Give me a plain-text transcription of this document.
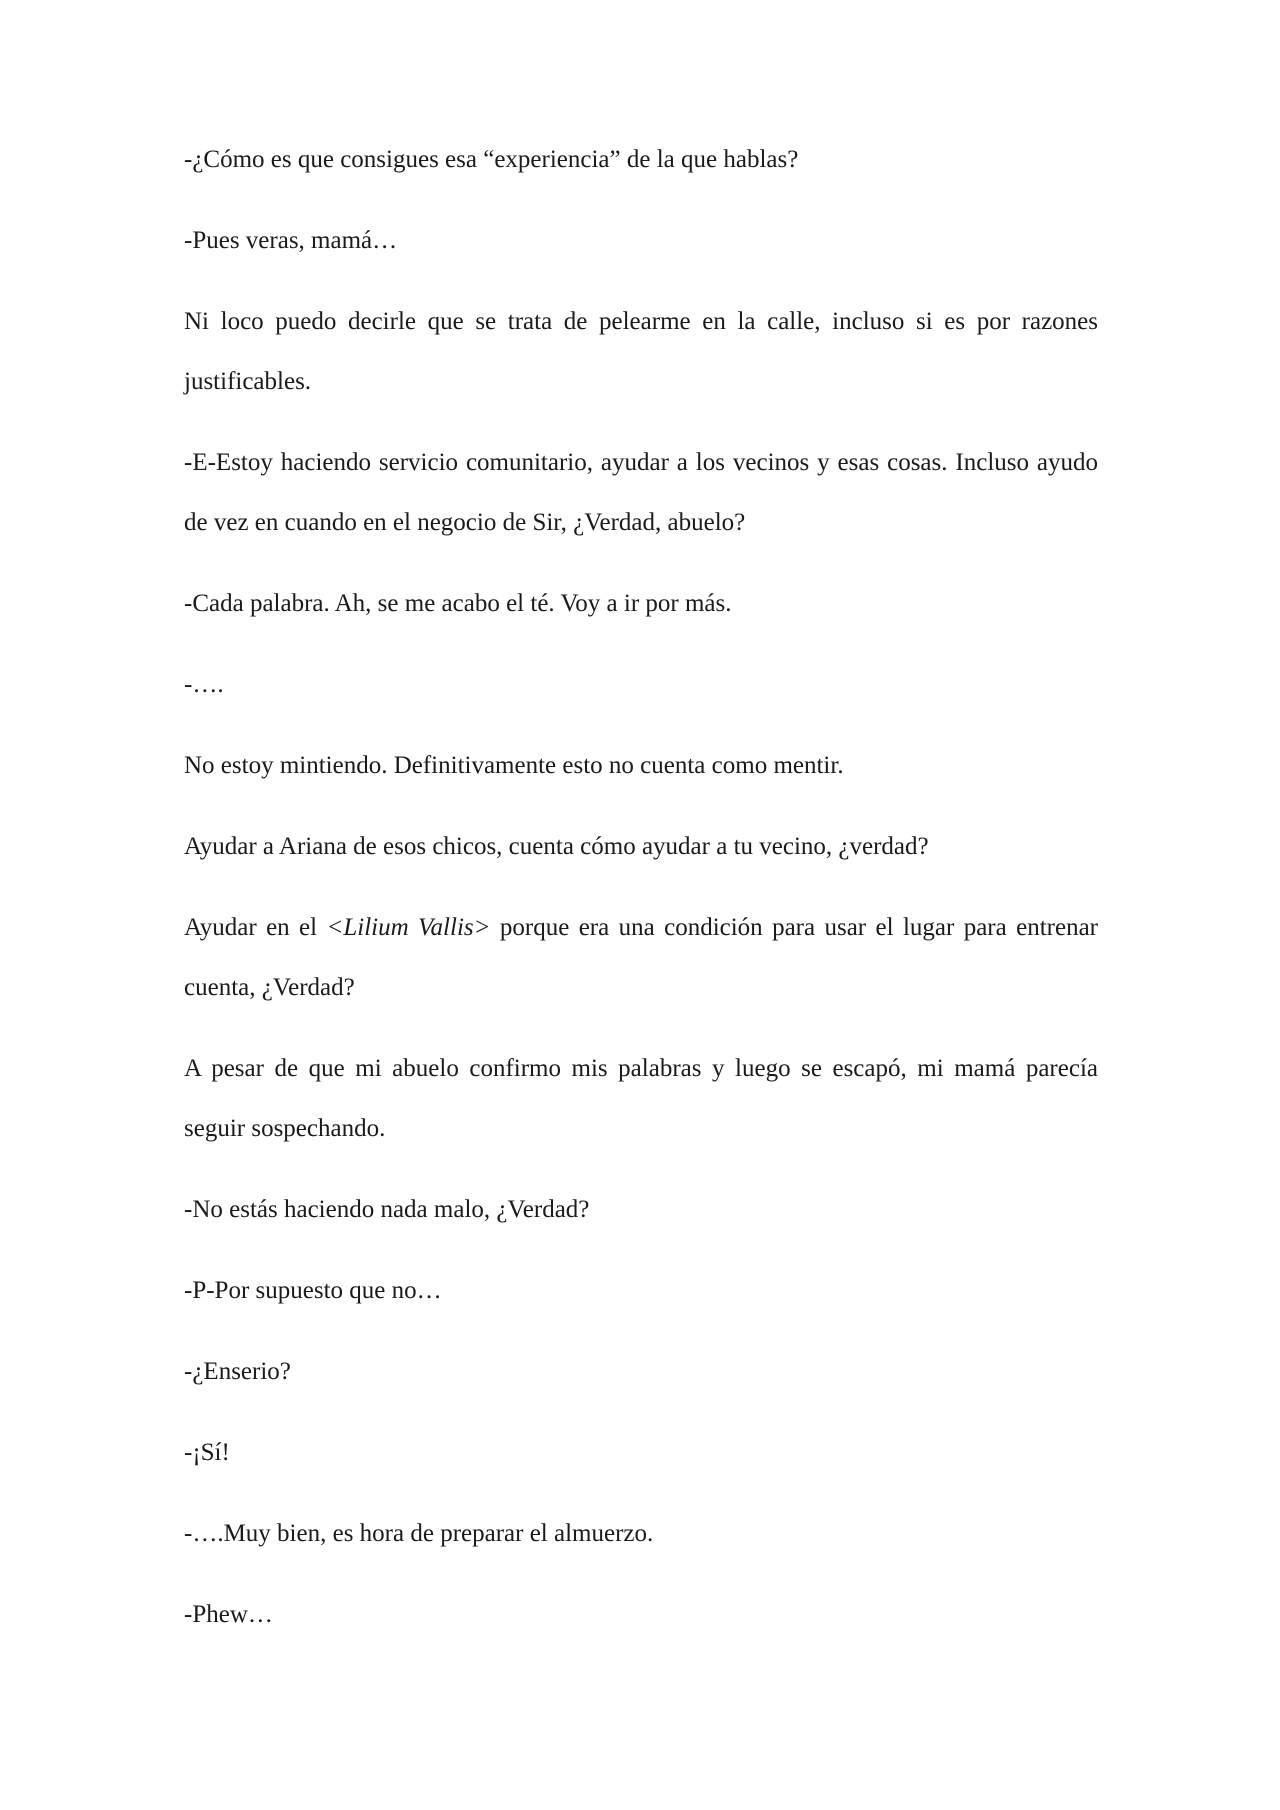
-¿Cómo es que consigues esa “experiencia” de la que hablas?

-Pues veras, mamá…

Ni loco puedo decirle que se trata de pelearme en la calle, incluso si es por razones justificables.

-E-Estoy haciendo servicio comunitario, ayudar a los vecinos y esas cosas. Incluso ayudo de vez en cuando en el negocio de Sir, ¿Verdad, abuelo?

-Cada palabra. Ah, se me acabo el té. Voy a ir por más.

-….

No estoy mintiendo. Definitivamente esto no cuenta como mentir.

Ayudar a Ariana de esos chicos, cuenta cómo ayudar a tu vecino, ¿verdad?

Ayudar en el <Lilium Vallis> porque era una condición para usar el lugar para entrenar cuenta, ¿Verdad?

A pesar de que mi abuelo confirmo mis palabras y luego se escapó, mi mamá parecía seguir sospechando.

-No estás haciendo nada malo, ¿Verdad?

-P-Por supuesto que no…

-¿Enserio?

-¡Sí!

-….Muy bien, es hora de preparar el almuerzo.

-Phew…
